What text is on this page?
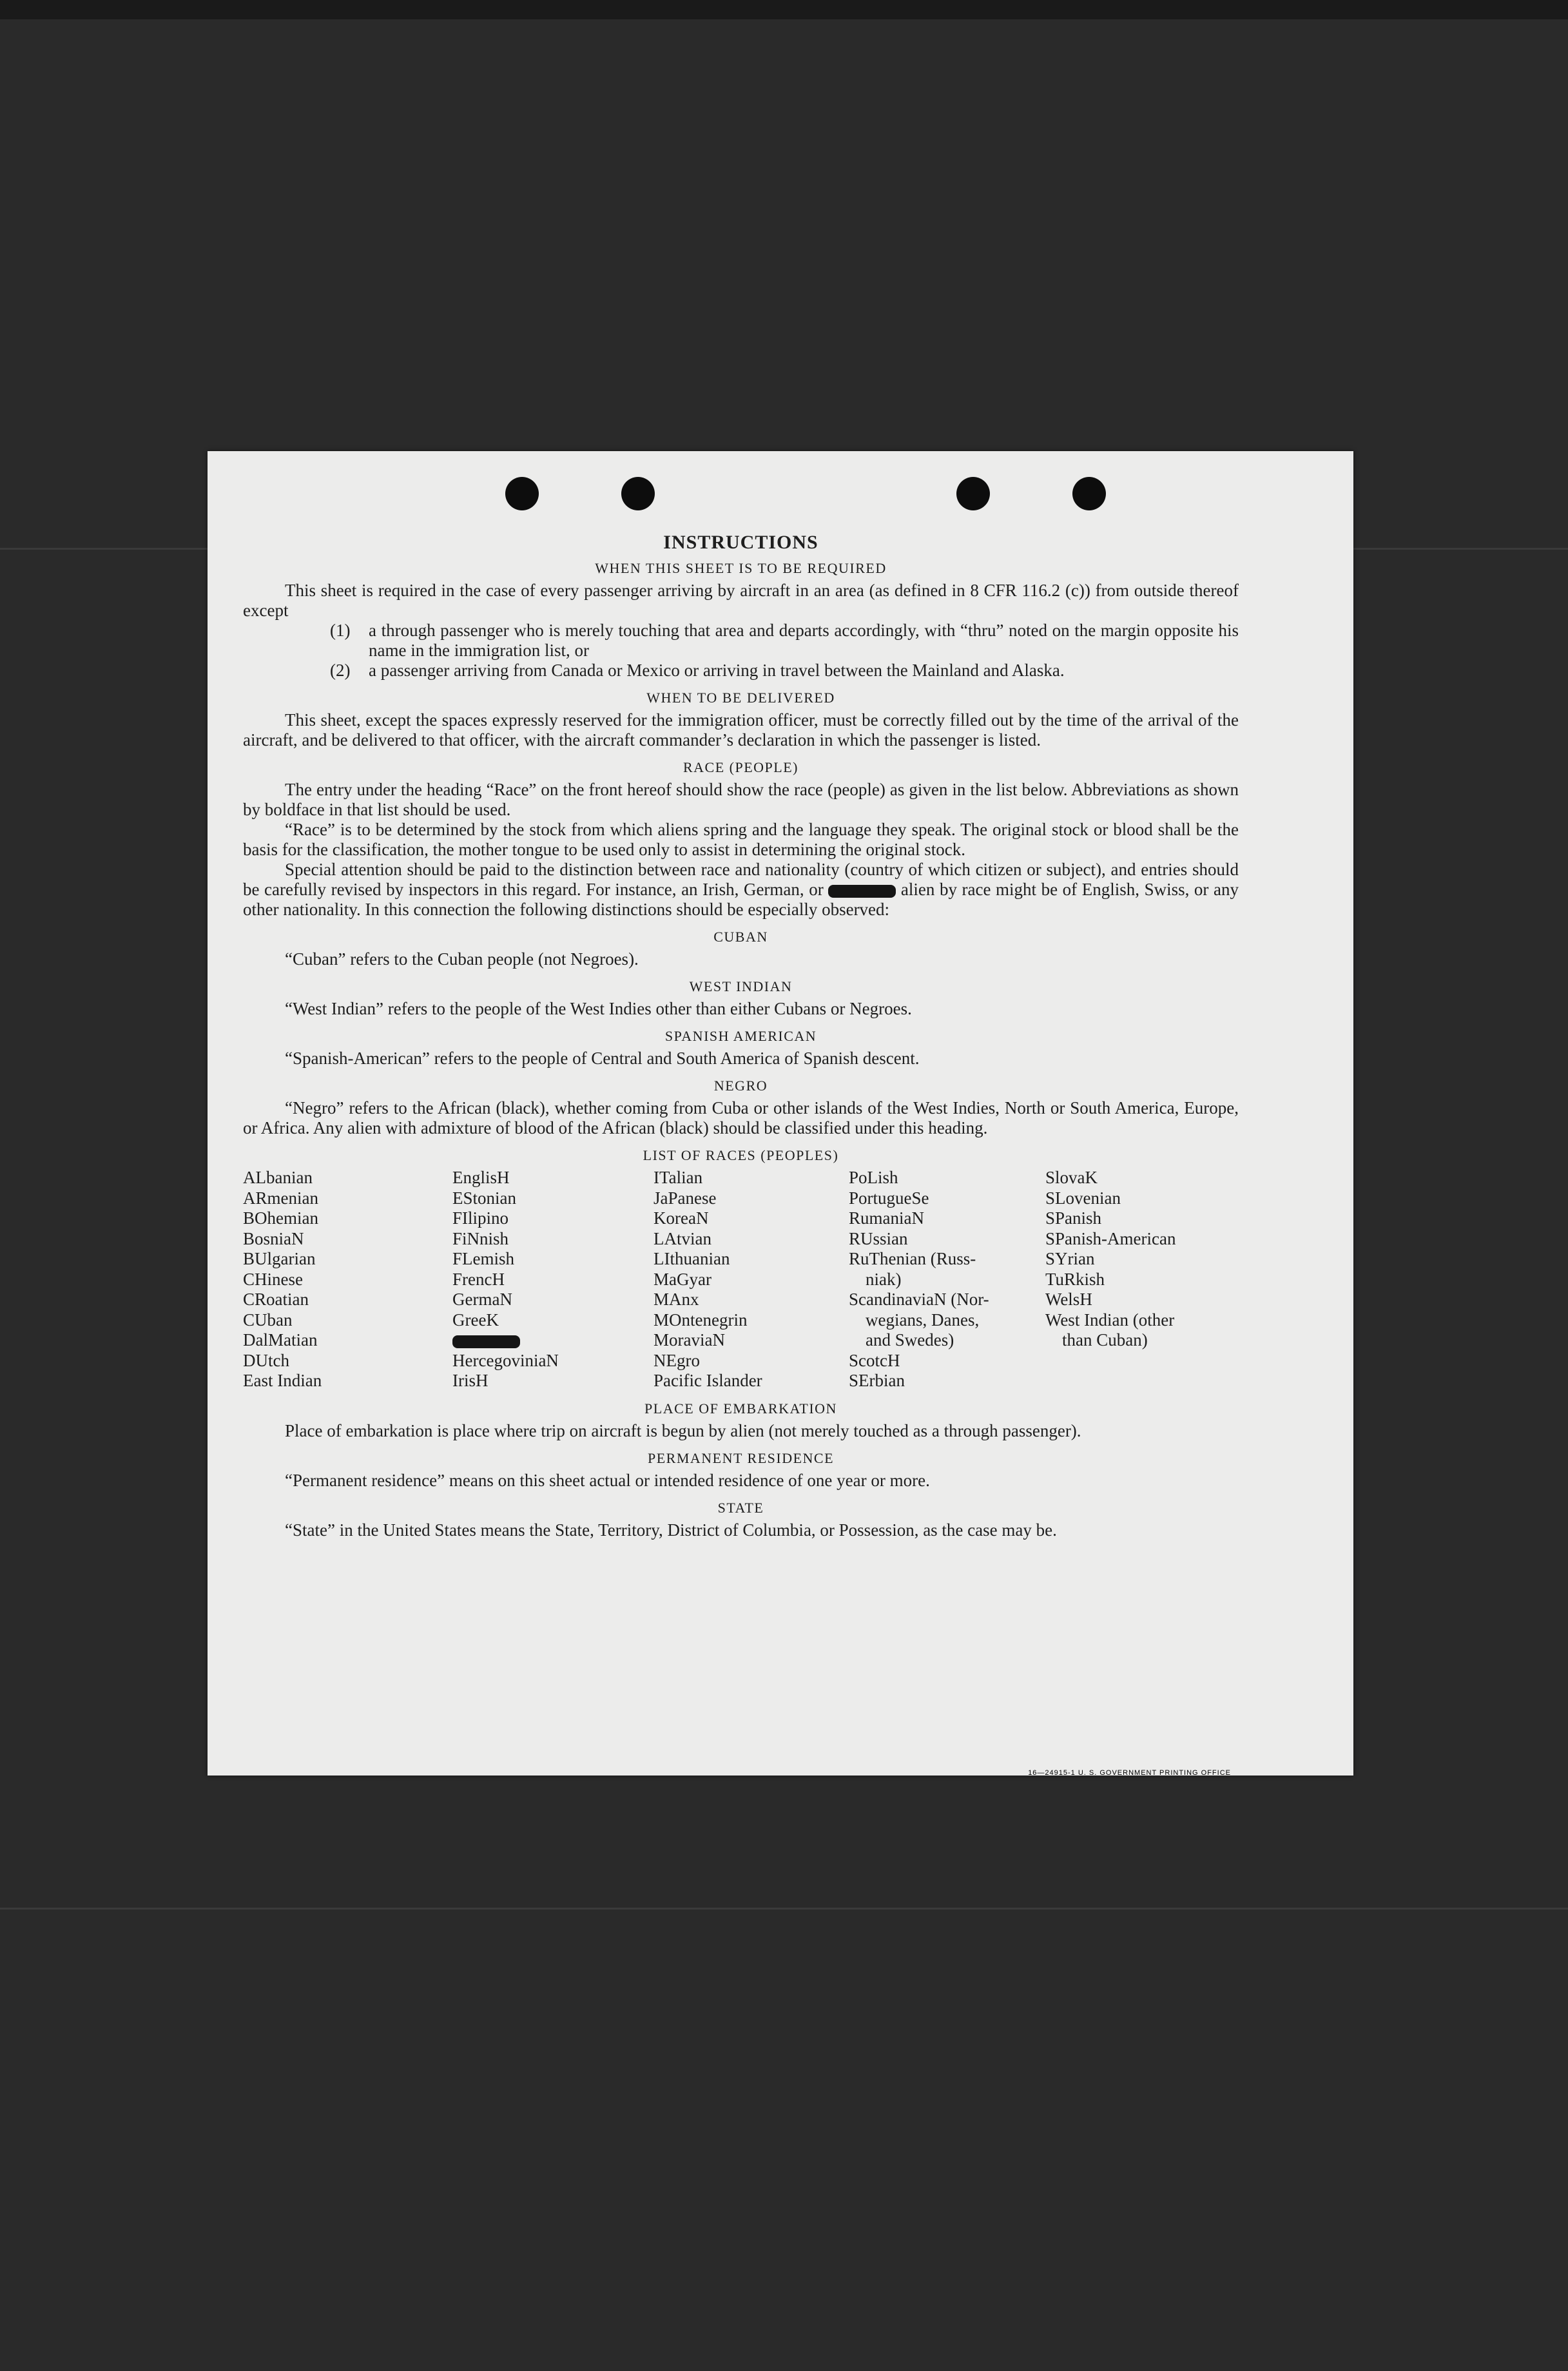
INSTRUCTIONS
WHEN THIS SHEET IS TO BE REQUIRED

This sheet is required in the case of every passenger arriving by aircraft in an area (as defined in 8 CFR 116.2 (c)) from outside thereof except

(1)	a through passenger who is merely touching that area and departs accordingly, with “thru” noted on the margin opposite his name in the immigration list, or
(2)	a passenger arriving from Canada or Mexico or arriving in travel between the Mainland and Alaska.
WHEN TO BE DELIVERED

This sheet, except the spaces expressly reserved for the immigration officer, must be correctly filled out by the time of the arrival of the aircraft, and be delivered to that officer, with the aircraft commander’s declaration in which the passenger is listed.

RACE (PEOPLE)

The entry under the heading “Race” on the front hereof should show the race (people) as given in the list below. Abbreviations as shown by boldface in that list should be used.

“Race” is to be determined by the stock from which aliens spring and the language they speak. The original stock or blood shall be the basis for the classification, the mother tongue to be used only to assist in determining the original stock.

Special attention should be paid to the distinction between race and nationality (country of which citizen or subject), and entries should be carefully revised by inspectors in this regard. For instance, an Irish, German, or	alien by race might be of English, Swiss, or any other nationality. In this connection the following distinctions should be especially observed:

CUBAN

“Cuban” refers to the Cuban people (not Negroes).

WEST INDIAN

“West Indian” refers to the people of the West Indies other than either Cubans or Negroes.

SPANISH AMERICAN

“Spanish-American” refers to the people of Central and South America of Spanish descent.

NEGRO

“Negro” refers to the African (black), whether coming from Cuba or other islands of the West Indies, North or South America, Europe, or Africa. Any alien with admixture of blood of the African (black) should be classified under this heading.

LIST OF RACES (PEOPLES)
ALbanian
ARmenian
BOhemian
BosniaN
BUlgarian
CHinese
CRoatian
CUban
DalMatian
DUtch
East Indian
EnglisH
EStonian
FIlipino
FiNnish
FLemish
FrencH
GermaN
GreeK
HercegoviniaN
IrisH
ITalian
JaPanese
KoreaN
LAtvian
LIthuanian
MaGyar
MAnx
MOntenegrin
MoraviaN
NEgro
Pacific Islander
PoLish
PortugueSe
RumaniaN
RUssian
RuThenian (Russ-
niak)
ScandinaviaN (Nor-
wegians, Danes,
and Swedes)
ScotcH
SErbian
SlovaK
SLovenian
SPanish
SPanish-American
SYrian
TuRkish
WelsH
West Indian (other
than Cuban)
PLACE OF EMBARKATION

Place of embarkation is place where trip on aircraft is begun by alien (not merely touched as a through passenger).

PERMANENT RESIDENCE

“Permanent residence” means on this sheet actual or intended residence of one year or more.

STATE

“State” in the United States means the State, Territory, District of Columbia, or Possession, as the case may be.

16—24915-1 U. S. GOVERNMENT PRINTING OFFICE
